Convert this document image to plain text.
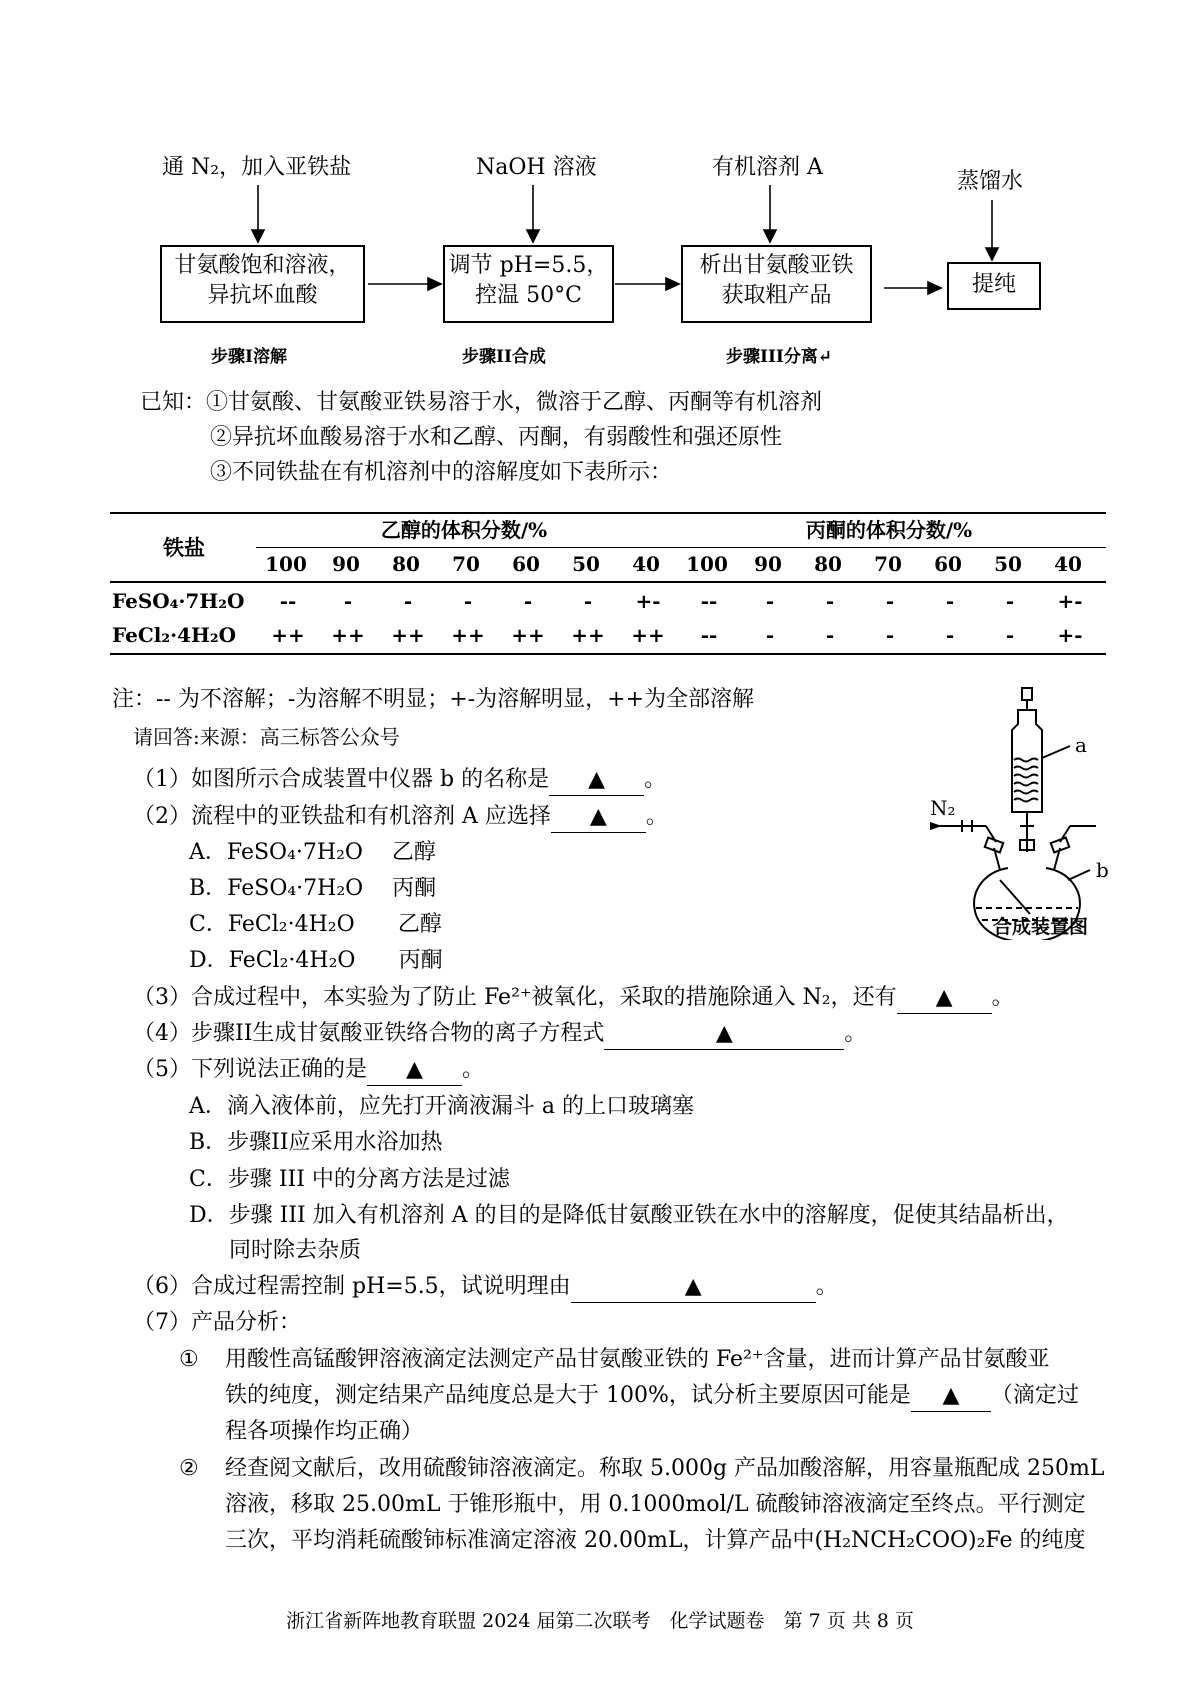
通 N₂，加入亚铁盐	NaOH 溶液	有机溶剂 A
蒸馏水
甘氨酸饱和溶液，
异抗坏血酸
调节 pH=5.5，
控温 50°C
析出甘氨酸亚铁
获取粗产品	提纯
步骤I溶解	步骤II合成	步骤III分离↵
已知：①甘氨酸、甘氨酸亚铁易溶于水，微溶于乙醇、丙酮等有机溶剂
②异抗坏血酸易溶于水和乙醇、丙酮，有弱酸性和强还原性
③不同铁盐在有机溶剂中的溶解度如下表所示：
铁盐
乙醇的体积分数/%	丙酮的体积分数/%
100	90	80	70	60	50	40	100	90	80	70	60	50	40
FeSO₄·7H₂O	--	-	-	-	-	-	+-	--	-	-	-	-	-	+-
FeCl₂·4H₂O	++	++	++	++	++	++	++	--	-	-	-	-	-	+-
注：-- 为不溶解；-为溶解不明显；+-为溶解明显，++为全部溶解
请回答:来源：高三标答公众号	a
b
N₂
合成装置图
（1）如图所示合成装置中仪器 b 的名称是 ▲ 。
（2）流程中的亚铁盐和有机溶剂 A 应选择 ▲ 。
A．FeSO₄·7H₂O 乙醇
B．FeSO₄·7H₂O 丙酮
C．FeCl₂·4H₂O 乙醇
D．FeCl₂·4H₂O 丙酮
（3）合成过程中，本实验为了防止 Fe²⁺被氧化，采取的措施除通入 N₂，还有 ▲ 。
（4）步骤II生成甘氨酸亚铁络合物的离子方程式	▲	。
（5）下列说法正确的是 ▲ 。
A．滴入液体前，应先打开滴液漏斗 a 的上口玻璃塞
B．步骤II应采用水浴加热
C．步骤 III 中的分离方法是过滤
D．步骤 III 加入有机溶剂 A 的目的是降低甘氨酸亚铁在水中的溶解度，促使其结晶析出，
同时除去杂质
（6）合成过程需控制 pH=5.5，试说明理由	▲	。
（7）产品分析：
① 用酸性高锰酸钾溶液滴定法测定产品甘氨酸亚铁的 Fe²⁺含量，进而计算产品甘氨酸亚
铁的纯度，测定结果产品纯度总是大于 100%，试分析主要原因可能是 ▲ （滴定过
程各项操作均正确）
② 经查阅文献后，改用硫酸铈溶液滴定。称取 5.000g 产品加酸溶解，用容量瓶配成 250mL
溶液，移取 25.00mL 于锥形瓶中，用 0.1000mol/L 硫酸铈溶液滴定至终点。平行测定
三次，平均消耗硫酸铈标准滴定溶液 20.00mL，计算产品中(H₂NCH₂COO)₂Fe 的纯度
浙江省新阵地教育联盟 2024 届第二次联考　化学试题卷　第 7 页 共 8 页
